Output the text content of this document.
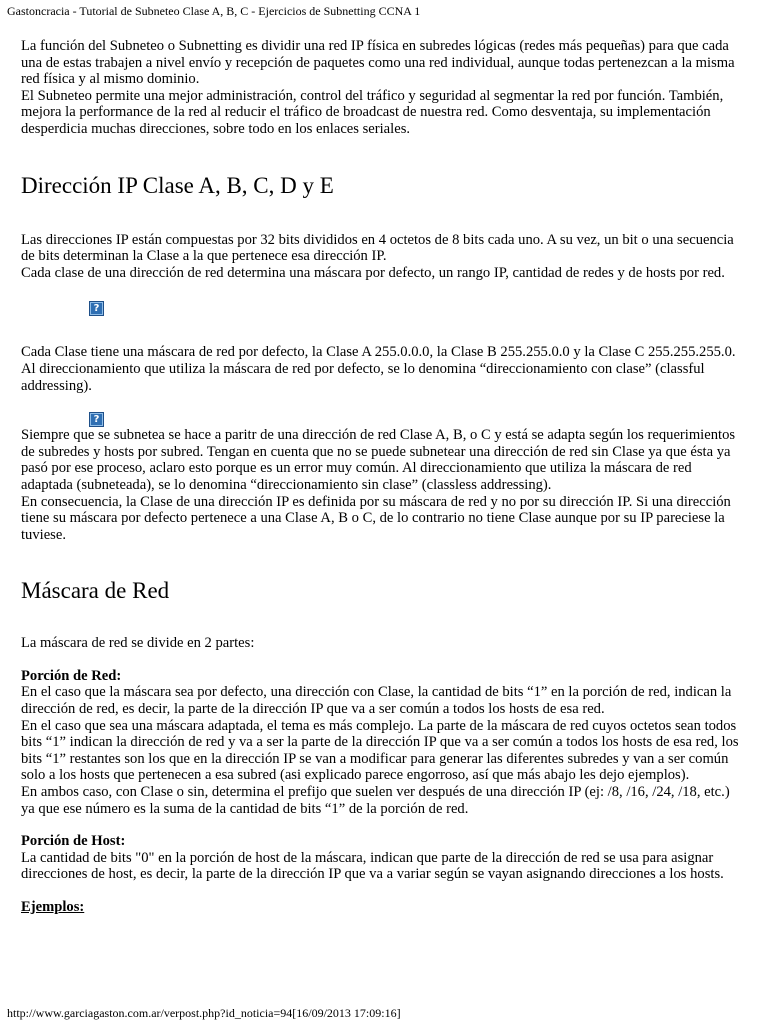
Gastoncracia - Tutorial de Subneteo Clase A, B, C - Ejercicios de Subnetting CCNA 1

La función del Subneteo o Subnetting es dividir una red IP física en subredes lógicas (redes más pequeñas) para que cada una de estas trabajen a nivel envío y recepción de paquetes como una red individual, aunque todas pertenezcan a la misma red física y al mismo dominio.

El Subneteo permite una mejor administración, control del tráfico y seguridad al segmentar la red por función. También, mejora la performance de la red al reducir el tráfico de broadcast de nuestra red. Como desventaja, su implementación desperdicia muchas direcciones, sobre todo en los enlaces seriales.

Dirección IP Clase A, B, C, D y E

Las direcciones IP están compuestas por 32 bits divididos en 4 octetos de 8 bits cada uno. A su vez, un bit o una secuencia de bits determinan la Clase a la que pertenece esa dirección IP.

Cada clase de una dirección de red determina una máscara por defecto, un rango IP, cantidad de redes y de hosts por red.

?

Cada Clase tiene una máscara de red por defecto, la Clase A 255.0.0.0, la Clase B 255.255.0.0 y la Clase C 255.255.255.0. Al direccionamiento que utiliza la máscara de red por defecto, se lo denomina “direccionamiento con clase” (classful addressing).

?

Siempre que se subnetea se hace a paritr de una dirección de red Clase A, B, o C y está se adapta según los requerimientos de subredes y hosts por subred. Tengan en cuenta que no se puede subnetear una dirección de red sin Clase ya que ésta ya pasó por ese proceso, aclaro esto porque es un error muy común. Al direccionamiento que utiliza la máscara de red adaptada (subneteada), se lo denomina “direccionamiento sin clase” (classless addressing).

En consecuencia, la Clase de una dirección IP es definida por su máscara de red y no por su dirección IP. Si una dirección tiene su máscara por defecto pertenece a una Clase A, B o C, de lo contrario no tiene Clase aunque por su IP pareciese la tuviese.

Máscara de Red

La máscara de red se divide en 2 partes:

Porción de Red:

En el caso que la máscara sea por defecto, una dirección con Clase, la cantidad de bits “1” en la porción de red, indican la dirección de red, es decir, la parte de la dirección IP que va a ser común a todos los hosts de esa red.

En el caso que sea una máscara adaptada, el tema es más complejo. La parte de la máscara de red cuyos octetos sean todos bits “1” indican la dirección de red y va a ser la parte de la dirección IP que va a ser común a todos los hosts de esa red, los bits “1” restantes son los que en la dirección IP se van a modificar para generar las diferentes subredes y van a ser común solo a los hosts que pertenecen a esa subred (asi explicado parece engorroso, así que más abajo les dejo ejemplos).

En ambos caso, con Clase o sin, determina el prefijo que suelen ver después de una dirección IP (ej: /8, /16, /24, /18, etc.) ya que ese número es la suma de la cantidad de bits “1” de la porción de red.

Porción de Host:

La cantidad de bits "0" en la porción de host de la máscara, indican que parte de la dirección de red se usa para asignar direcciones de host, es decir, la parte de la dirección IP que va a variar según se vayan asignando direcciones a los hosts.

Ejemplos:

http://www.garciagaston.com.ar/verpost.php?id_noticia=94[16/09/2013 17:09:16]
